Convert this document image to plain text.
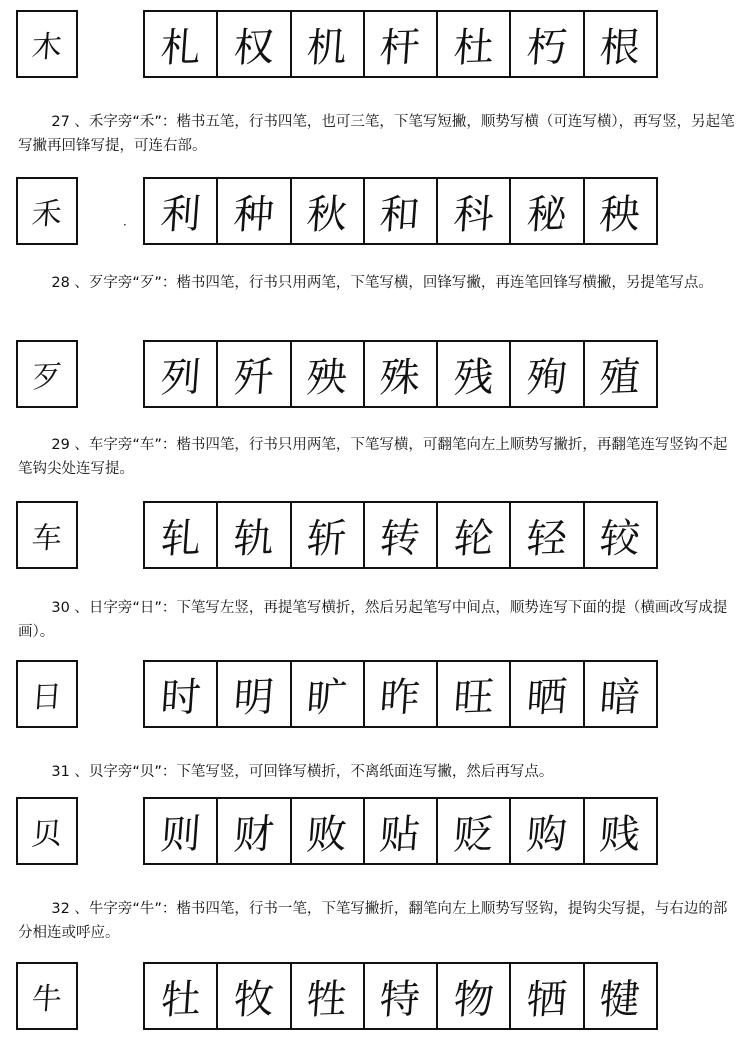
木 札 权 机 杆 杜 朽 根

27 、禾字旁“禾”：楷书五笔，行书四笔，也可三笔，下笔写短撇，顺势写横（可连写横），再写竖，另起笔写撇再回锋写提，可连右部。

禾 利 种 秋 和 科 秘 秧

28 、歹字旁“歹”：楷书四笔，行书只用两笔，下笔写横，回锋写撇，再连笔回锋写横撇，另提笔写点。

歹 列 歼 殃 殊 残 殉 殖

29 、车字旁“车”：楷书四笔，行书只用两笔，下笔写横，可翻笔向左上顺势写撇折，再翻笔连写竖钩不起笔钩尖处连写提。

车 轧 轨 斩 转 轮 轻 较

30 、日字旁“日”：下笔写左竖，再提笔写横折，然后另起笔写中间点，顺势连写下面的提（横画改写成提画）。

日 时 明 旷 昨 旺 晒 暗

31 、贝字旁“贝”：下笔写竖，可回锋写横折，不离纸面连写撇，然后再写点。

贝 则 财 败 贴 贬 购 贱

32 、牛字旁“牛”：楷书四笔，行书一笔，下笔写撇折，翻笔向左上顺势写竖钩，提钩尖写提，与右边的部分相连或呼应。

牛 牡 牧 牲 特 物 牺 犍
·
